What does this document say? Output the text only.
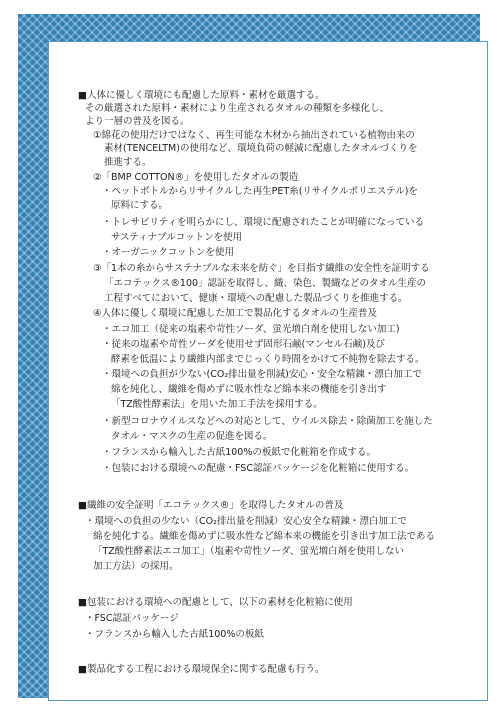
■人体に優しく環境にも配慮した原料・素材を厳選する。
その厳選された原料・素材により生産されるタオルの種類を多様化し、
より一層の普及を図る。
①綿花の使用だけではなく、再生可能な木材から抽出されている植物由来の
素材(TENCELTM)の使用など、環境負荷の軽減に配慮したタオルづくりを
推進する。
②「BMP COTTON®」を使用したタオルの製造
・ペットボトルからリサイクルした再生PET糸(リサイクルポリエステル)を
原料にする。
・トレサビリティを明らかにし、環境に配慮されたことが明確になっている
サスティナブルコットンを使用
・オーガニックコットンを使用
③「1本の糸からサステナブルな未来を紡ぐ」を目指す繊維の安全性を証明する
「エコテックス®100」認証を取得し、織、染色、製織などのタオル生産の
工程すべてにおいて、健康・環境への配慮した製品づくりを推進する。
④人体に優しく環境に配慮した加工で製品化するタオルの生産普及
・エコ加工（従来の塩素や苛性ソーダ、蛍光増白剤を使用しない加工)
・従来の塩素や苛性ソーダを使用せず固形石鹸(マンセル石鹸)及び
酵素を低温により繊維内部までじっくり時間をかけて不純物を除去する。
・環境への負担が少ない(CO₂排出量を削減)安心・安全な精錬・漂白加工で
綿を純化し、繊維を傷めずに吸水性など綿本来の機能を引き出す
「TZ酸性酵素法」を用いた加工手法を採用する。
・新型コロナウイルスなどへの対応として、ウイルス除去・除菌加工を施した
タオル・マスクの生産の促進を図る。
・フランスから輸入した古紙100%の板紙で化粧箱を作成する。
・包装における環境への配慮・FSC認証パッケージを化粧箱に使用する。
■繊維の安全証明「エコテックス®」を取得したタオルの普及
・環境への負担の少ない（CO₂排出量を削減）安心安全な精錬・漂白加工で
綿を純化する。繊維を傷めずに吸水性など綿本来の機能を引き出す加工法である
「TZ酸性酵素法エコ加工」（塩素や苛性ソーダ、蛍光増白剤を使用しない
加工方法）の採用。
■包装における環境への配慮として、以下の素材を化粧箱に使用
・FSC認証パッケージ
・フランスから輸入した古紙100%の板紙
■製品化する工程における環境保全に関する配慮も行う。
